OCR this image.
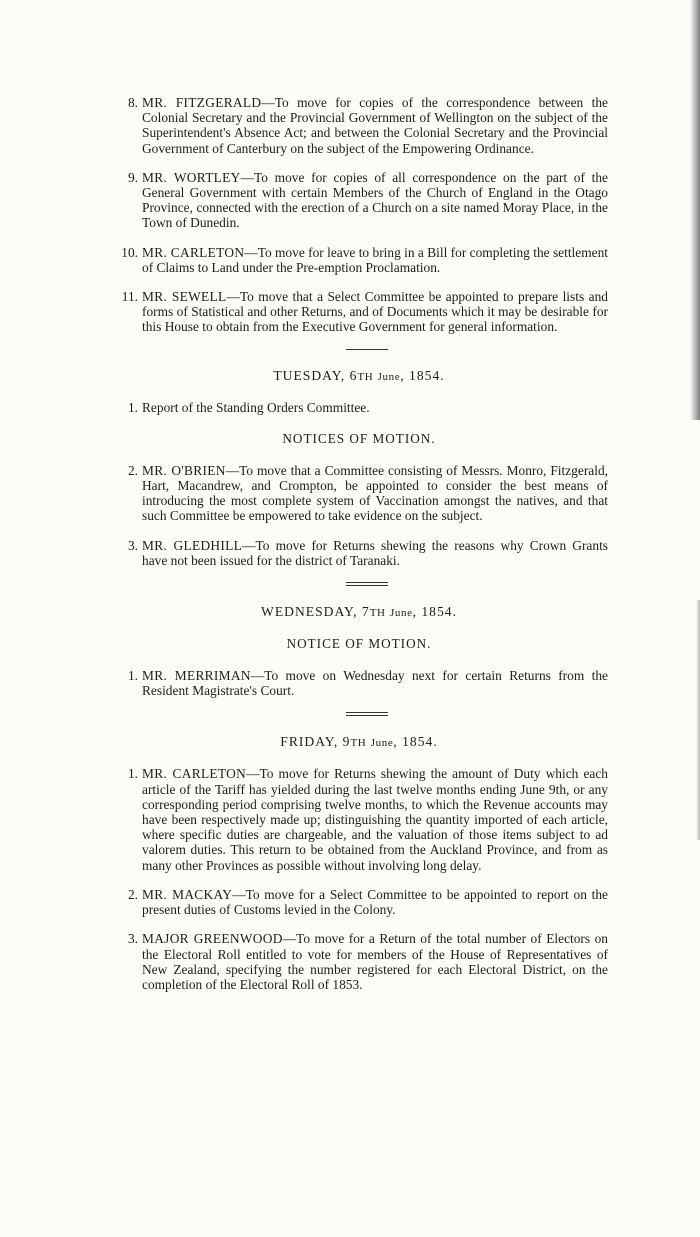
8. MR. FITZGERALD—To move for copies of the correspondence between the Colonial Secretary and the Provincial Government of Wellington on the subject of the Superintendent's Absence Act; and between the Colonial Secretary and the Provincial Government of Canterbury on the subject of the Empowering Ordinance.
9. MR. WORTLEY—To move for copies of all correspondence on the part of the General Government with certain Members of the Church of England in the Otago Province, connected with the erection of a Church on a site named Moray Place, in the Town of Dunedin.
10. MR. CARLETON—To move for leave to bring in a Bill for completing the settlement of Claims to Land under the Pre-emption Proclamation.
11. MR. SEWELL—To move that a Select Committee be appointed to prepare lists and forms of Statistical and other Returns, and of Documents which it may be desirable for this House to obtain from the Executive Government for general information.
TUESDAY, 6TH June, 1854.
1. Report of the Standing Orders Committee.
NOTICES OF MOTION.
2. MR. O'BRIEN—To move that a Committee consisting of Messrs. Monro, Fitzgerald, Hart, Macandrew, and Crompton, be appointed to consider the best means of introducing the most complete system of Vaccination amongst the natives, and that such Committee be empowered to take evidence on the subject.
3. MR. GLEDHILL—To move for Returns shewing the reasons why Crown Grants have not been issued for the district of Taranaki.
WEDNESDAY, 7TH June, 1854.
NOTICE OF MOTION.
1. MR. MERRIMAN—To move on Wednesday next for certain Returns from the Resident Magistrate's Court.
FRIDAY, 9TH June, 1854.
1. MR. CARLETON—To move for Returns shewing the amount of Duty which each article of the Tariff has yielded during the last twelve months ending June 9th, or any corresponding period comprising twelve months, to which the Revenue accounts may have been respectively made up; distinguishing the quantity imported of each article, where specific duties are chargeable, and the valuation of those items subject to ad valorem duties. This return to be obtained from the Auckland Province, and from as many other Provinces as possible without involving long delay.
2. MR. MACKAY—To move for a Select Committee to be appointed to report on the present duties of Customs levied in the Colony.
3. MAJOR GREENWOOD—To move for a Return of the total number of Electors on the Electoral Roll entitled to vote for members of the House of Representatives of New Zealand, specifying the number registered for each Electoral District, on the completion of the Electoral Roll of 1853.
